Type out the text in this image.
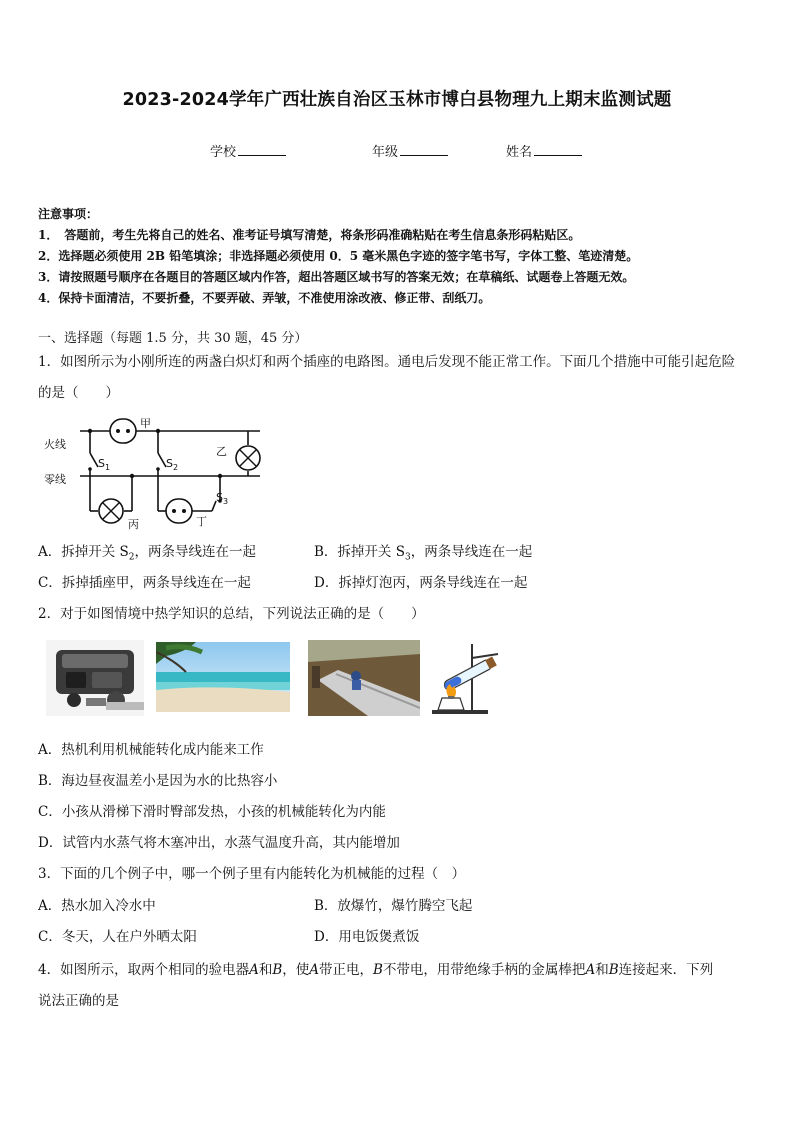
2023-2024学年广西壮族自治区玉林市博白县物理九上期末监测试题
学校	年级	姓名
注意事项：
1．　答题前，考生先将自己的姓名、准考证号填写清楚，将条形码准确粘贴在考生信息条形码粘贴区。
2．选择题必须使用 2B 铅笔填涂；非选择题必须使用 0．5 毫米黑色字迹的签字笔书写，字体工整、笔迹清楚。
3．请按照题号顺序在各题目的答题区域内作答，超出答题区域书写的答案无效；在草稿纸、试题卷上答题无效。
4．保持卡面清洁，不要折叠，不要弄破、弄皱，不准使用涂改液、修正带、刮纸刀。
一、选择题（每题 1.5 分，共 30 题，45 分）
1．如图所示为小刚所连的两盏白炽灯和两个插座的电路图。通电后发现不能正常工作。下面几个措施中可能引起危险
的是（　　）
火线
零线
甲
乙
丙	丁
$S_1$	$S_2$
$S_3$
A．拆掉开关 $S_2$，两条导线连在一起	B．拆掉开关 $S_3$，两条导线连在一起
C．拆掉插座甲，两条导线连在一起	D．拆掉灯泡丙，两条导线连在一起
2．对于如图情境中热学知识的总结，下列说法正确的是（　　）
A．热机利用机械能转化成内能来工作
B．海边昼夜温差小是因为水的比热容小
C．小孩从滑梯下滑时臀部发热，小孩的机械能转化为内能
D．试管内水蒸气将木塞冲出，水蒸气温度升高，其内能增加
3．下面的几个例子中，哪一个例子里有内能转化为机械能的过程（　）
A．热水加入冷水中	B．放爆竹，爆竹腾空飞起
C．冬天，人在户外晒太阳	D．用电饭煲煮饭
4．如图所示，取两个相同的验电器A和B，使A带正电，B不带电，用带绝缘手柄的金属棒把A和B连接起来．下列
说法正确的是
